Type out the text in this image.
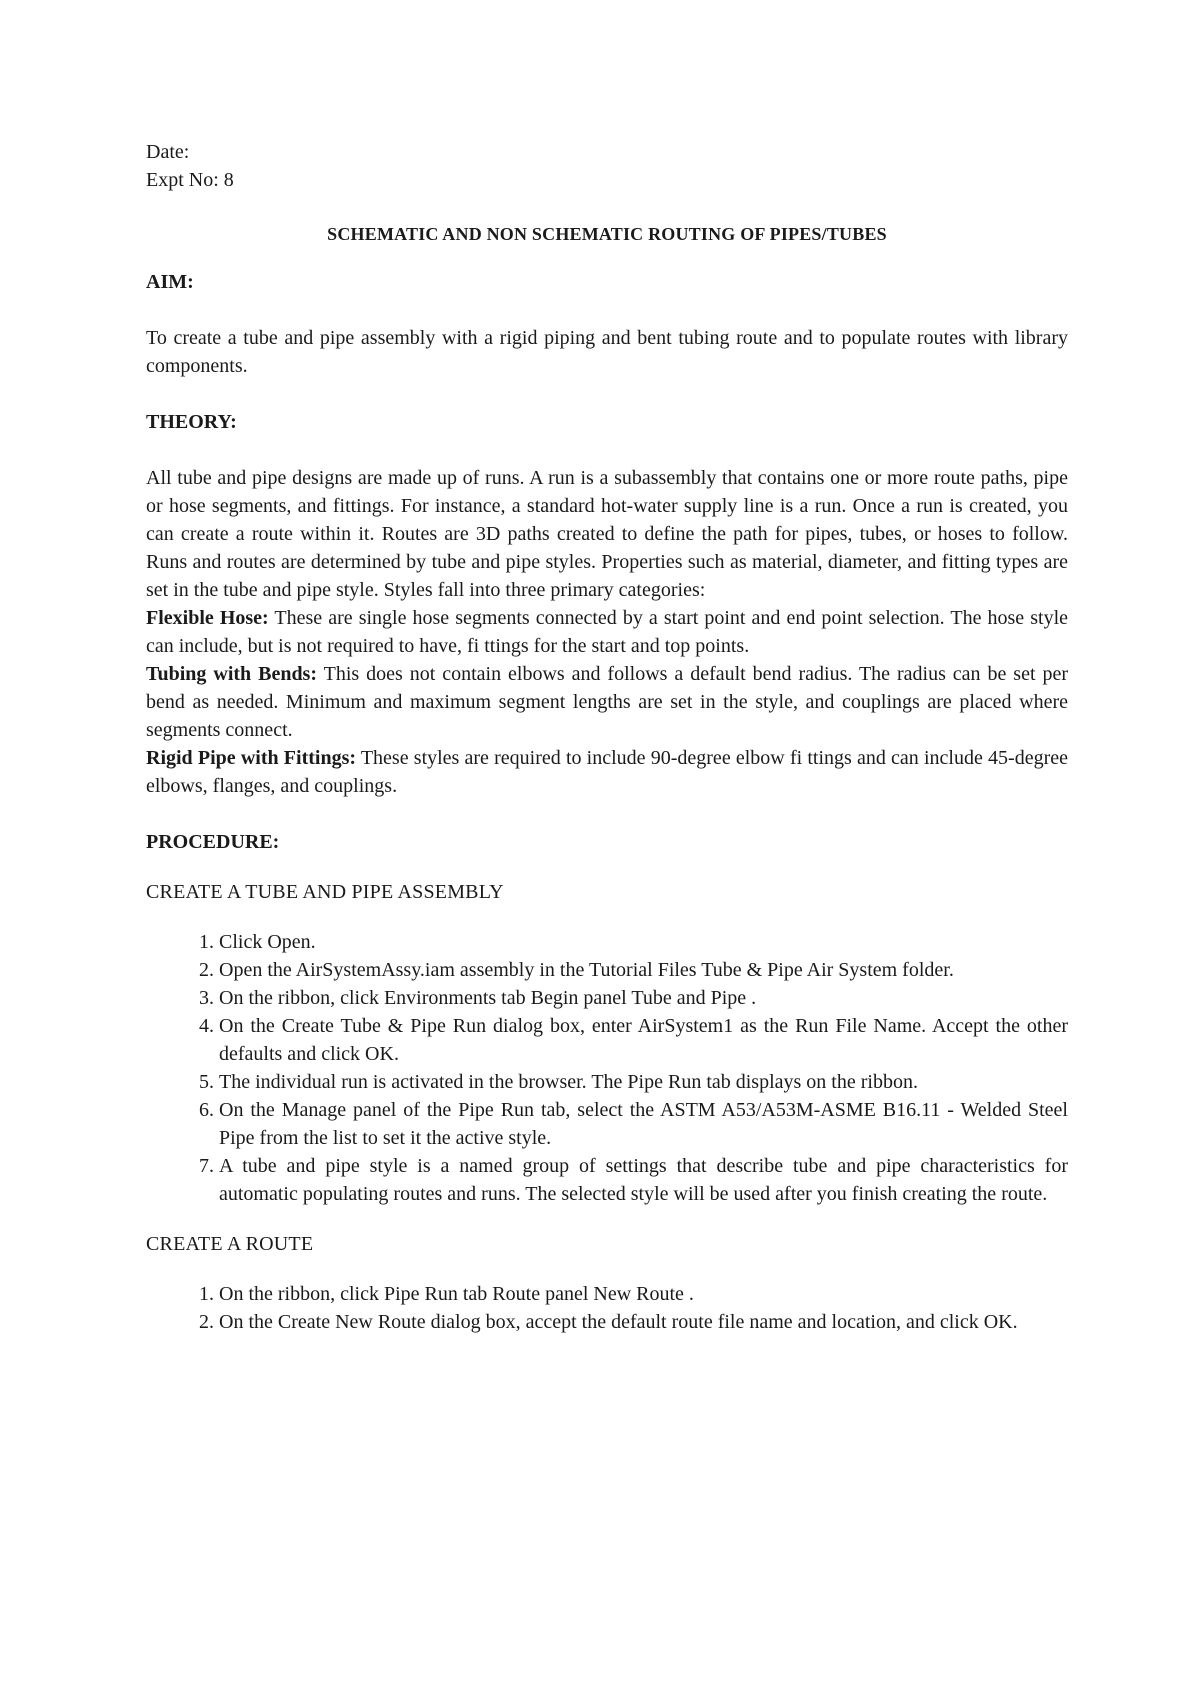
Date:

Expt No: 8

SCHEMATIC AND NON SCHEMATIC ROUTING OF PIPES/TUBES

AIM:

To create a tube and pipe assembly with a rigid piping and bent tubing route and to populate routes with library components.

THEORY:

All tube and pipe designs are made up of runs. A run is a subassembly that contains one or more route paths, pipe or hose segments, and fittings. For instance, a standard hot-water supply line is a run. Once a run is created, you can create a route within it. Routes are 3D paths created to define the path for pipes, tubes, or hoses to follow. Runs and routes are determined by tube and pipe styles. Properties such as material, diameter, and fitting types are set in the tube and pipe style. Styles fall into three primary categories:

Flexible Hose: These are single hose segments connected by a start point and end point selection. The hose style can include, but is not required to have, fi ttings for the start and top points.

Tubing with Bends: This does not contain elbows and follows a default bend radius. The radius can be set per bend as needed. Minimum and maximum segment lengths are set in the style, and couplings are placed where segments connect.

Rigid Pipe with Fittings: These styles are required to include 90-degree elbow fi ttings and can include 45-degree elbows, flanges, and couplings.

PROCEDURE:

CREATE A TUBE AND PIPE ASSEMBLY

1. Click Open.
2. Open the AirSystemAssy.iam assembly in the Tutorial Files Tube & Pipe Air System folder.
3. On the ribbon, click Environments tab Begin panel Tube and Pipe .
4. On the Create Tube & Pipe Run dialog box, enter AirSystem1 as the Run File Name. Accept the other defaults and click OK.
5. The individual run is activated in the browser. The Pipe Run tab displays on the ribbon.
6. On the Manage panel of the Pipe Run tab, select the ASTM A53/A53M-ASME B16.11 - Welded Steel Pipe from the list to set it the active style.
7. A tube and pipe style is a named group of settings that describe tube and pipe characteristics for automatic populating routes and runs. The selected style will be used after you finish creating the route.

CREATE A ROUTE

1. On the ribbon, click Pipe Run tab Route panel New Route .
2. On the Create New Route dialog box, accept the default route file name and location, and click OK.
